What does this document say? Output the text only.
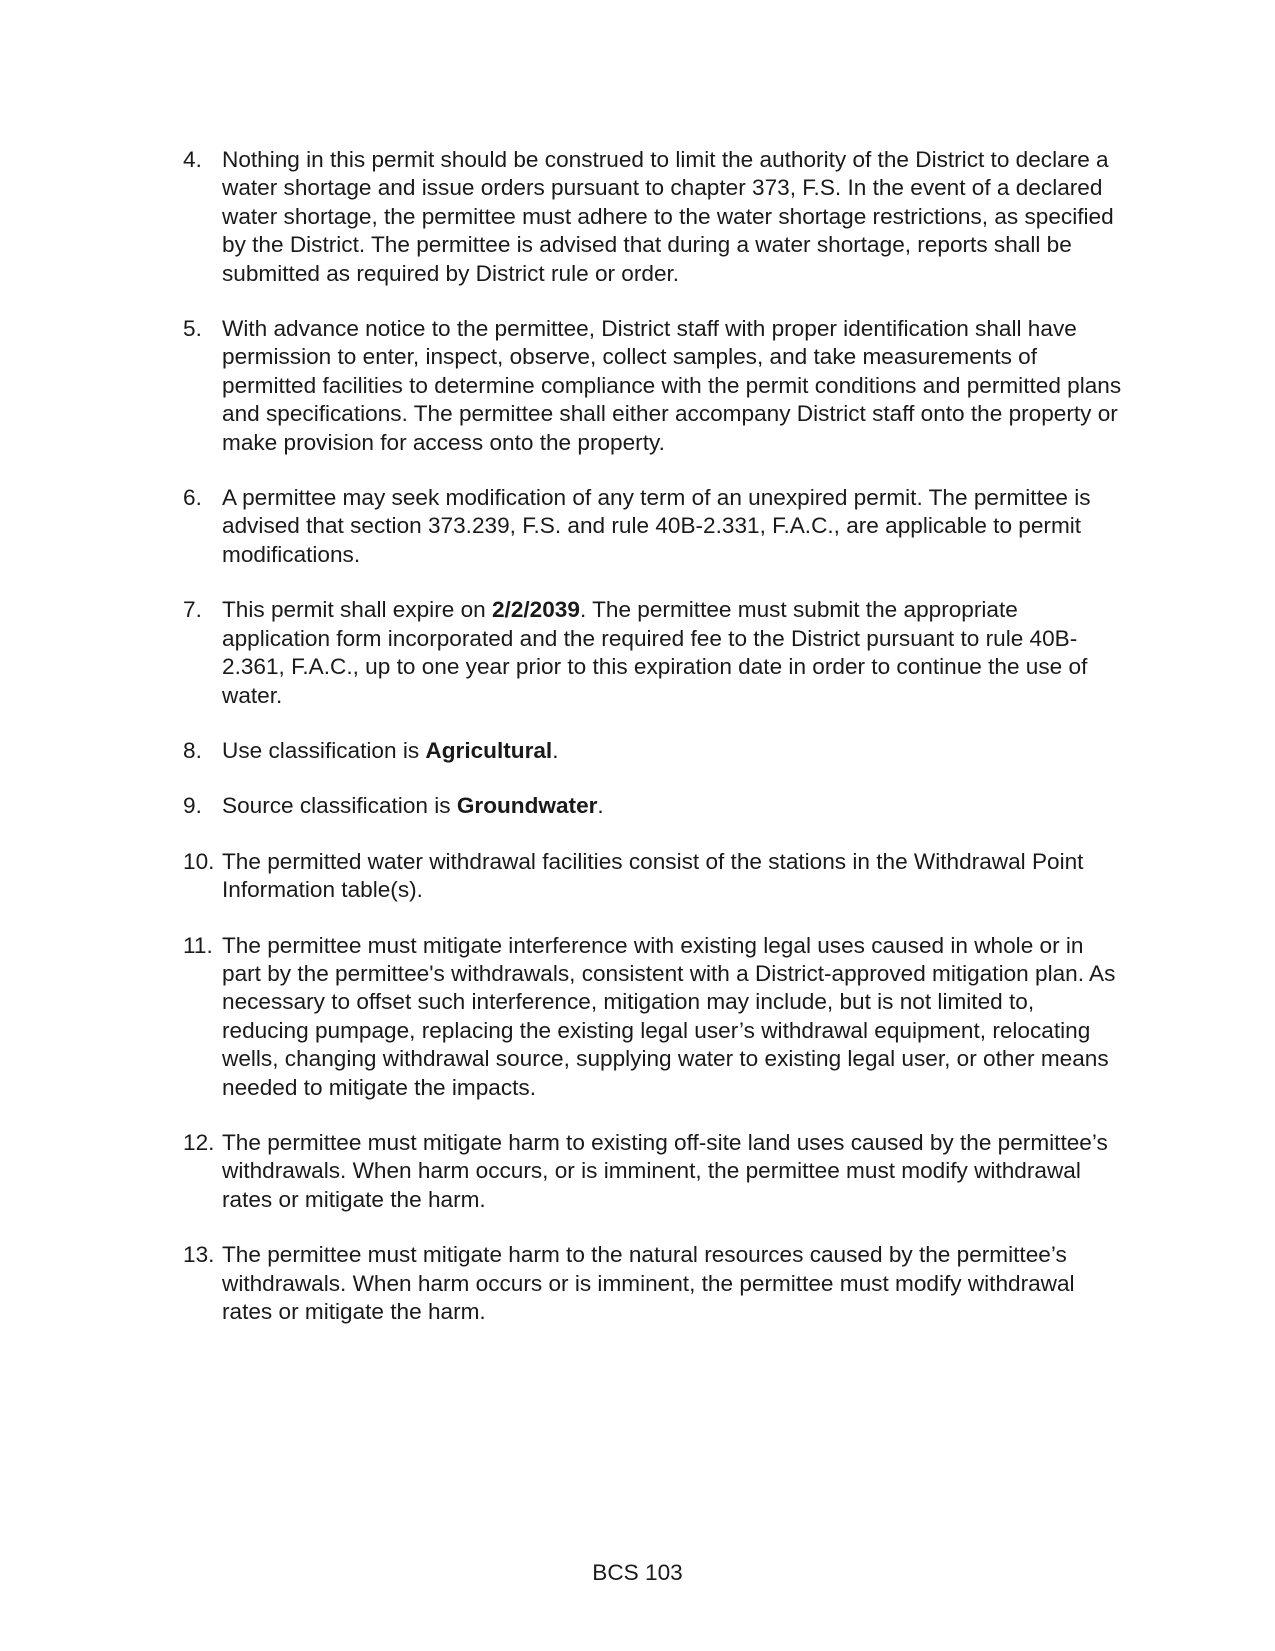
4. Nothing in this permit should be construed to limit the authority of the District to declare a water shortage and issue orders pursuant to chapter 373, F.S. In the event of a declared water shortage, the permittee must adhere to the water shortage restrictions, as specified by the District. The permittee is advised that during a water shortage, reports shall be submitted as required by District rule or order.
5. With advance notice to the permittee, District staff with proper identification shall have permission to enter, inspect, observe, collect samples, and take measurements of permitted facilities to determine compliance with the permit conditions and permitted plans and specifications. The permittee shall either accompany District staff onto the property or make provision for access onto the property.
6. A permittee may seek modification of any term of an unexpired permit. The permittee is advised that section 373.239, F.S. and rule 40B-2.331, F.A.C., are applicable to permit modifications.
7. This permit shall expire on 2/2/2039. The permittee must submit the appropriate application form incorporated and the required fee to the District pursuant to rule 40B-2.361, F.A.C., up to one year prior to this expiration date in order to continue the use of water.
8. Use classification is Agricultural.
9. Source classification is Groundwater.
10. The permitted water withdrawal facilities consist of the stations in the Withdrawal Point Information table(s).
11. The permittee must mitigate interference with existing legal uses caused in whole or in part by the permittee's withdrawals, consistent with a District-approved mitigation plan. As necessary to offset such interference, mitigation may include, but is not limited to, reducing pumpage, replacing the existing legal user’s withdrawal equipment, relocating wells, changing withdrawal source, supplying water to existing legal user, or other means needed to mitigate the impacts.
12. The permittee must mitigate harm to existing off-site land uses caused by the permittee’s withdrawals. When harm occurs, or is imminent, the permittee must modify withdrawal rates or mitigate the harm.
13. The permittee must mitigate harm to the natural resources caused by the permittee’s withdrawals. When harm occurs or is imminent, the permittee must modify withdrawal rates or mitigate the harm.
BCS 103
